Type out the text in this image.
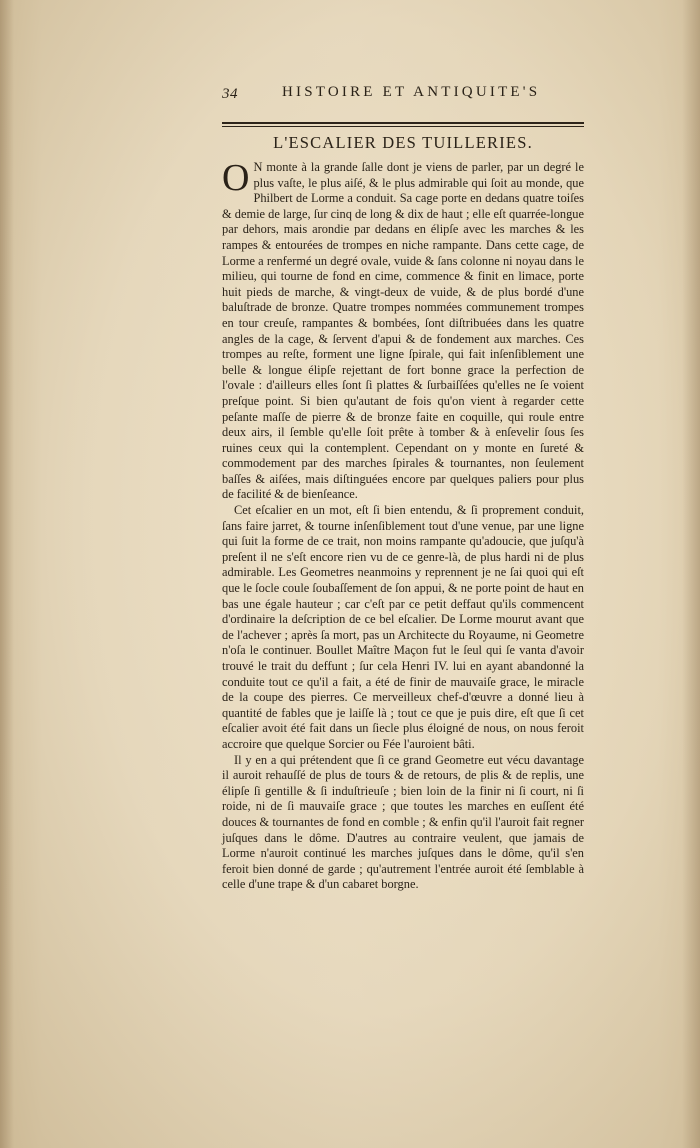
34	HISTOIRE ET ANTIQUITE'S
L'ESCALIER DES TUILLERIES.

O N monte à la grande ſalle dont je viens de parler, par un degré le plus vaſte, le plus aiſé, & le plus admirable qui ſoit au monde, que Philbert de Lorme a conduit. Sa cage porte en dedans quatre toiſes & demie de large, ſur cinq de long & dix de haut ; elle eſt quarrée-longue par dehors, mais arondie par dedans en élipſe avec les marches & les rampes & entourées de trompes en niche rampante. Dans cette cage, de Lorme a renfermé un degré ovale, vuide & ſans colonne ni noyau dans le milieu, qui tourne de fond en cime, commence & finit en limace, porte huit pieds de marche, & vingt-deux de vuide, & de plus bordé d'une baluſtrade de bronze. Quatre trompes nommées communement trompes en tour creuſe, rampantes & bombées, ſont diſtribuées dans les quatre angles de la cage, & ſervent d'apui & de fondement aux marches. Ces trompes au reſte, forment une ligne ſpirale, qui fait inſenſiblement une belle & longue élipſe rejettant de fort bonne grace la perfection de l'ovale : d'ailleurs elles ſont ſi plattes & ſurbaiſſées qu'elles ne ſe voient preſque point. Si bien qu'autant de fois qu'on vient à regarder cette peſante maſſe de pierre & de bronze faite en coquille, qui roule entre deux airs, il ſemble qu'elle ſoit prête à tomber & à enſevelir ſous ſes ruines ceux qui la contemplent. Cependant on y monte en ſureté & commodement par des marches ſpirales & tournantes, non ſeulement baſſes & aiſées, mais diſtinguées encore par quelques paliers pour plus de facilité & de bienſeance.

Cet eſcalier en un mot, eſt ſi bien entendu, & ſi proprement conduit, ſans faire jarret, & tourne inſenſiblement tout d'une venue, par une ligne qui ſuit la forme de ce trait, non moins rampante qu'adoucie, que juſqu'à preſent il ne s'eſt encore rien vu de ce genre-là, de plus hardi ni de plus admirable. Les Geometres neanmoins y reprennent je ne ſai quoi qui eſt que le ſocle coule ſoubaſſement de ſon appui, & ne porte point de haut en bas une égale hauteur ; car c'eſt par ce petit deffaut qu'ils commencent d'ordinaire la deſcription de ce bel eſcalier. De Lorme mourut avant que de l'achever ; après ſa mort, pas un Architecte du Royaume, ni Geometre n'oſa le continuer. Boullet Maître Maçon fut le ſeul qui ſe vanta d'avoir trouvé le trait du deffunt ; ſur cela Henri IV. lui en ayant abandonné la conduite tout ce qu'il a fait, a été de finir de mauvaiſe grace, le miracle de la coupe des pierres. Ce merveilleux chef-d'œuvre a donné lieu à quantité de fables que je laiſſe là ; tout ce que je puis dire, eſt que ſi cet eſcalier avoit été fait dans un ſiecle plus éloigné de nous, on nous feroit accroire que quelque Sorcier ou Fée l'auroient bâti.

Il y en a qui prétendent que ſi ce grand Geometre eut vécu davantage il auroit rehauſſé de plus de tours & de retours, de plis & de replis, une élipſe ſi gentille & ſi induſtrieuſe ; bien loin de la finir ni ſi court, ni ſi roide, ni de ſi mauvaiſe grace ; que toutes les marches en euſſent été douces & tournantes de fond en comble ; & enfin qu'il l'auroit fait regner juſques dans le dôme. D'autres au contraire veulent, que jamais de Lorme n'auroit continué les marches juſques dans le dôme, qu'il s'en feroit bien donné de garde ; qu'autrement l'entrée auroit été ſemblable à celle d'une trape & d'un cabaret borgne.
